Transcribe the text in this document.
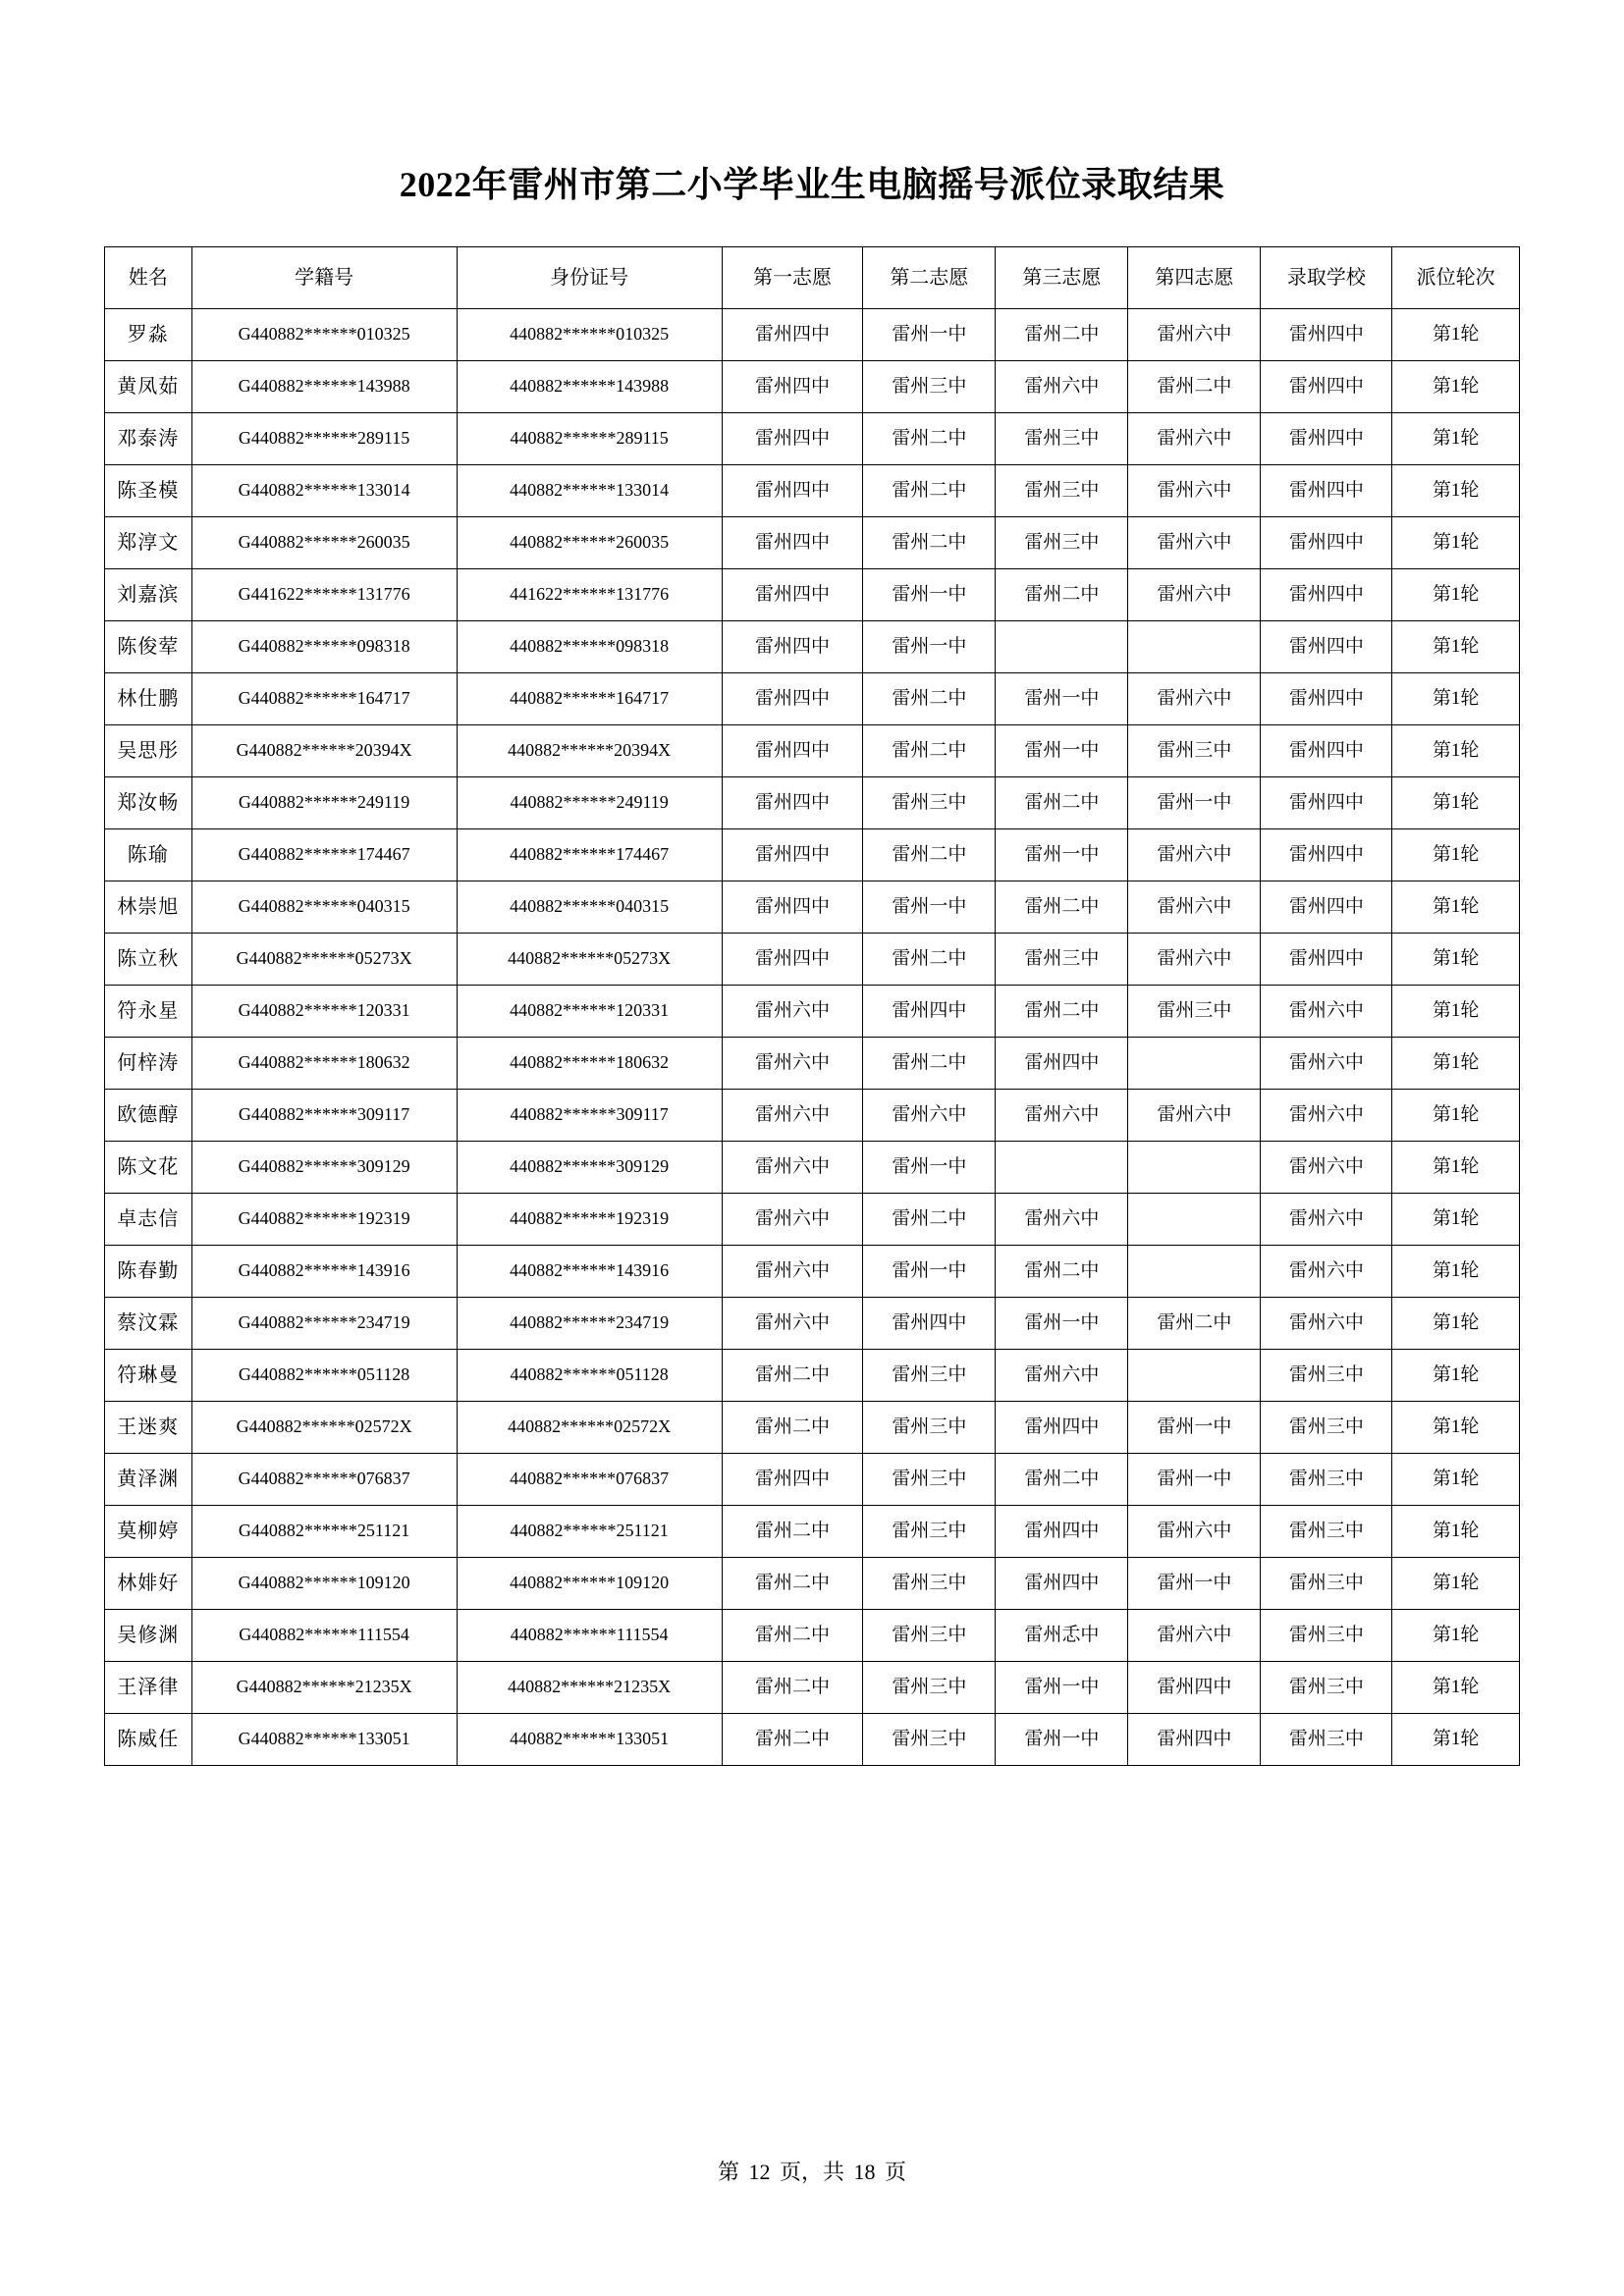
2022年雷州市第二小学毕业生电脑摇号派位录取结果
姓名	学籍号	身份证号	第一志愿	第二志愿	第三志愿	第四志愿	录取学校	派位轮次
罗淼	G440882******010325	440882******010325	雷州四中	雷州一中	雷州二中	雷州六中	雷州四中	第1轮
黄凤茹	G440882******143988	440882******143988	雷州四中	雷州三中	雷州六中	雷州二中	雷州四中	第1轮
邓泰涛	G440882******289115	440882******289115	雷州四中	雷州二中	雷州三中	雷州六中	雷州四中	第1轮
陈圣模	G440882******133014	440882******133014	雷州四中	雷州二中	雷州三中	雷州六中	雷州四中	第1轮
郑淳文	G440882******260035	440882******260035	雷州四中	雷州二中	雷州三中	雷州六中	雷州四中	第1轮
刘嘉滨	G441622******131776	441622******131776	雷州四中	雷州一中	雷州二中	雷州六中	雷州四中	第1轮
陈俊荤	G440882******098318	440882******098318	雷州四中	雷州一中			雷州四中	第1轮
林仕鹏	G440882******164717	440882******164717	雷州四中	雷州二中	雷州一中	雷州六中	雷州四中	第1轮
吴思彤	G440882******20394X	440882******20394X	雷州四中	雷州二中	雷州一中	雷州三中	雷州四中	第1轮
郑汝畅	G440882******249119	440882******249119	雷州四中	雷州三中	雷州二中	雷州一中	雷州四中	第1轮
陈瑜	G440882******174467	440882******174467	雷州四中	雷州二中	雷州一中	雷州六中	雷州四中	第1轮
林崇旭	G440882******040315	440882******040315	雷州四中	雷州一中	雷州二中	雷州六中	雷州四中	第1轮
陈立秋	G440882******05273X	440882******05273X	雷州四中	雷州二中	雷州三中	雷州六中	雷州四中	第1轮
符永星	G440882******120331	440882******120331	雷州六中	雷州四中	雷州二中	雷州三中	雷州六中	第1轮
何梓涛	G440882******180632	440882******180632	雷州六中	雷州二中	雷州四中		雷州六中	第1轮
欧德醇	G440882******309117	440882******309117	雷州六中	雷州六中	雷州六中	雷州六中	雷州六中	第1轮
陈文花	G440882******309129	440882******309129	雷州六中	雷州一中			雷州六中	第1轮
卓志信	G440882******192319	440882******192319	雷州六中	雷州二中	雷州六中		雷州六中	第1轮
陈春勤	G440882******143916	440882******143916	雷州六中	雷州一中	雷州二中		雷州六中	第1轮
蔡汶霖	G440882******234719	440882******234719	雷州六中	雷州四中	雷州一中	雷州二中	雷州六中	第1轮
符琳曼	G440882******051128	440882******051128	雷州二中	雷州三中	雷州六中		雷州三中	第1轮
王迷爽	G440882******02572X	440882******02572X	雷州二中	雷州三中	雷州四中	雷州一中	雷州三中	第1轮
黄泽渊	G440882******076837	440882******076837	雷州四中	雷州三中	雷州二中	雷州一中	雷州三中	第1轮
莫柳婷	G440882******251121	440882******251121	雷州二中	雷州三中	雷州四中	雷州六中	雷州三中	第1轮
林婔好	G440882******109120	440882******109120	雷州二中	雷州三中	雷州四中	雷州一中	雷州三中	第1轮
吴修渊	G440882******111554	440882******111554	雷州二中	雷州三中	雷州忎中	雷州六中	雷州三中	第1轮
王泽律	G440882******21235X	440882******21235X	雷州二中	雷州三中	雷州一中	雷州四中	雷州三中	第1轮
陈威任	G440882******133051	440882******133051	雷州二中	雷州三中	雷州一中	雷州四中	雷州三中	第1轮
第 12 页，共 18 页
